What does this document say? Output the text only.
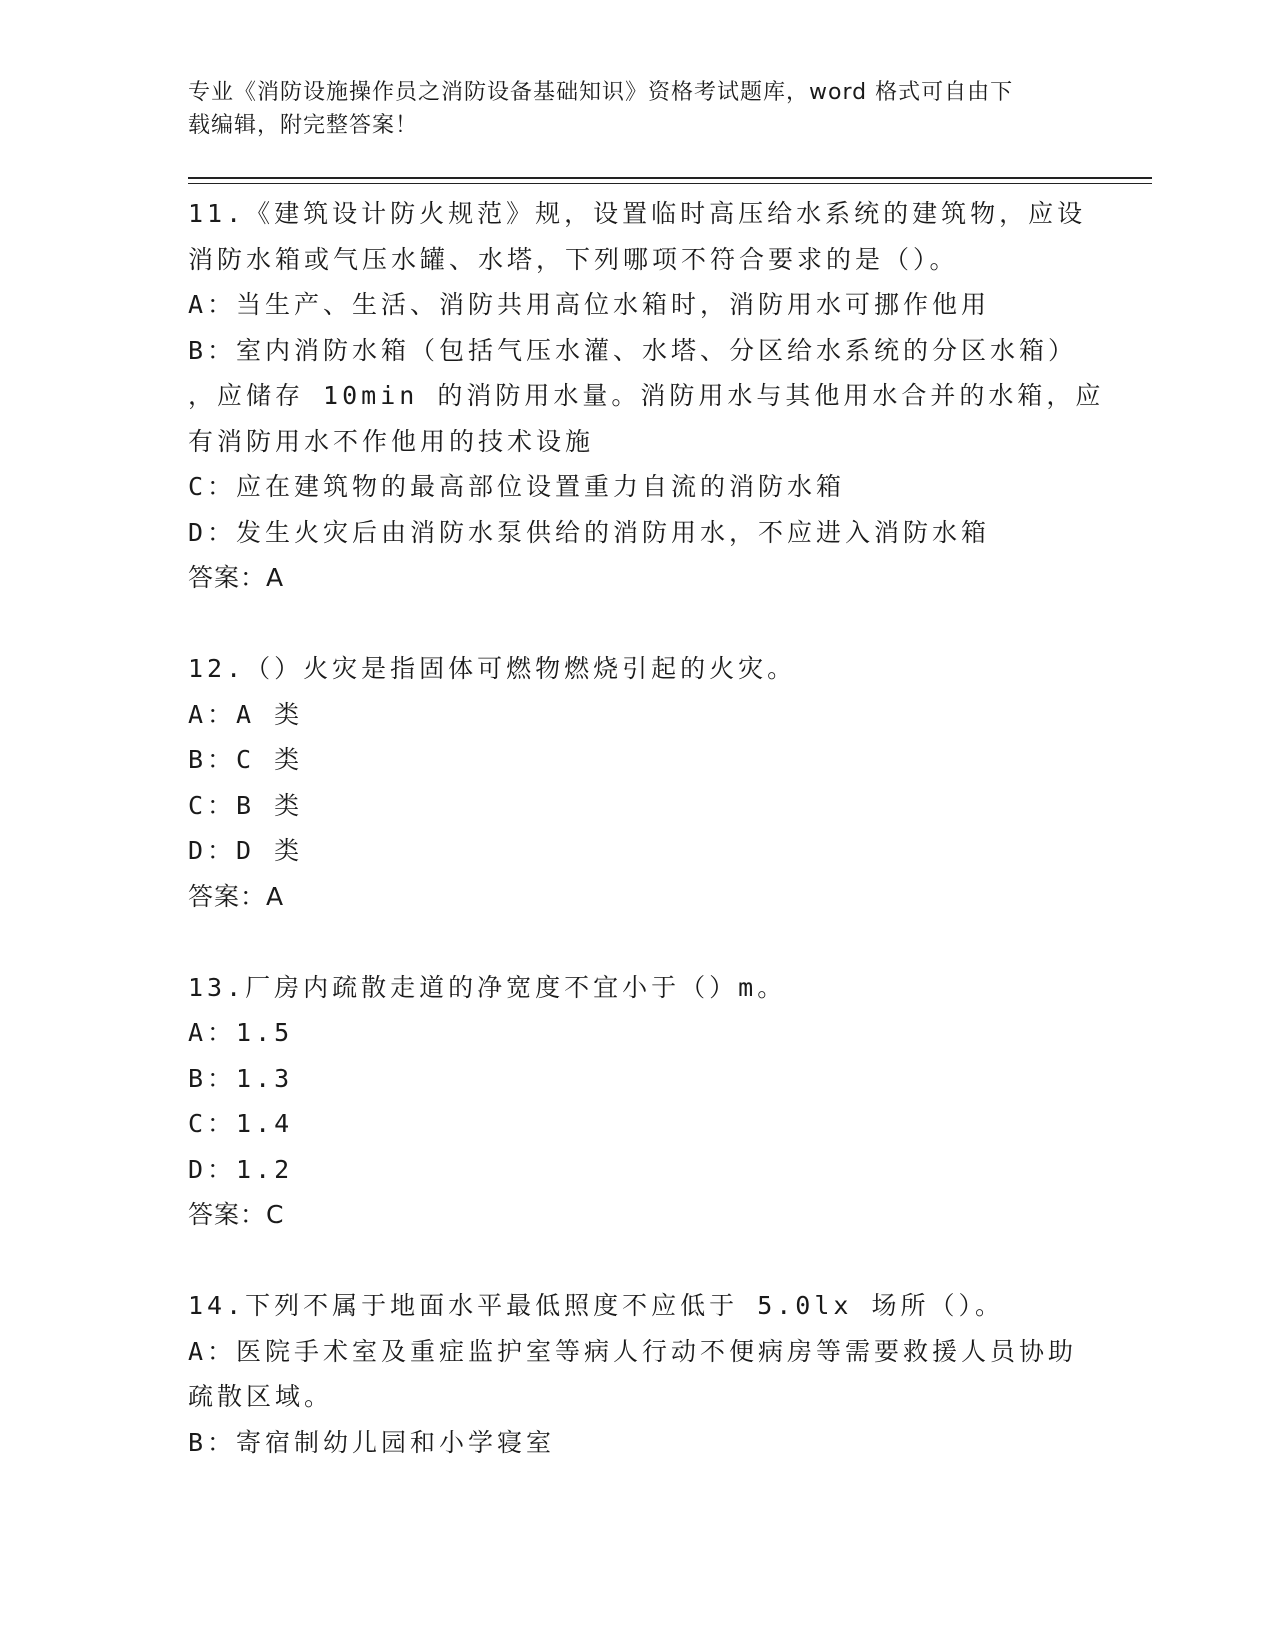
专业《消防设施操作员之消防设备基础知识》资格考试题库，word 格式可自由下
载编辑，附完整答案！
11.《建筑设计防火规范》规，设置临时高压给水系统的建筑物，应设
消防水箱或气压水罐、水塔，下列哪项不符合要求的是（）。
A：当生产、生活、消防共用高位水箱时，消防用水可挪作他用
B：室内消防水箱（包括气压水灌、水塔、分区给水系统的分区水箱）
，应储存 10min 的消防用水量。消防用水与其他用水合并的水箱，应
有消防用水不作他用的技术设施
C：应在建筑物的最高部位设置重力自流的消防水箱
D：发生火灾后由消防水泵供给的消防用水，不应进入消防水箱
答案：A
12.（）火灾是指固体可燃物燃烧引起的火灾。
A：A 类
B：C 类
C：B 类
D：D 类
答案：A
13.厂房内疏散走道的净宽度不宜小于（）m。
A：1.5
B：1.3
C：1.4
D：1.2
答案：C
14.下列不属于地面水平最低照度不应低于 5.0lx 场所（）。
A：医院手术室及重症监护室等病人行动不便病房等需要救援人员协助
疏散区域。
B：寄宿制幼儿园和小学寝室
